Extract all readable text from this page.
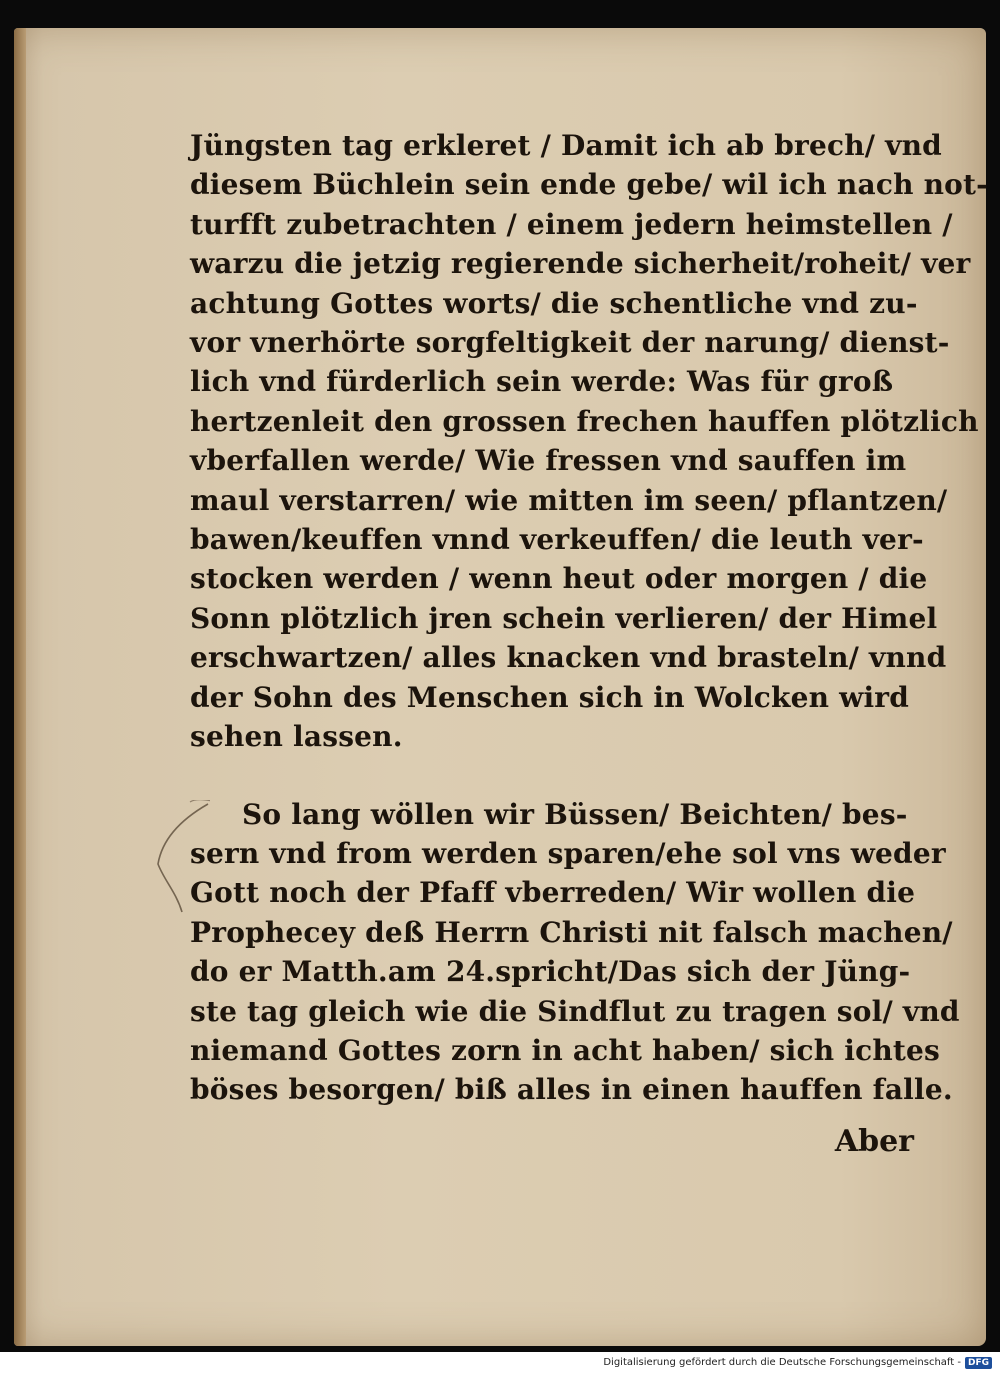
Jüngsten tag erkleret / Damit ich ab brech/ vnd
diesem Büchlein sein ende gebe/ wil ich nach not-
turfft zubetrachten / einem jedern heimstellen /
warzu die jetzig regierende sicherheit/roheit/ ver
achtung Gottes worts/ die schentliche vnd zu-
vor vnerhörte sorgfeltigkeit der narung/ dienst-
lich vnd fürderlich sein werde: Was für groß
hertzenleit den grossen frechen hauffen plötzlich
vberfallen werde/ Wie fressen vnd sauffen im
maul verstarren/ wie mitten im seen/ pflantzen/
bawen/keuffen vnnd verkeuffen/ die leuth ver-
stocken werden / wenn heut oder morgen / die
Sonn plötzlich jren schein verlieren/ der Himel
erschwartzen/ alles knacken vnd brasteln/ vnnd
der Sohn des Menschen sich in Wolcken wird
sehen lassen.
So lang wöllen wir Büssen/ Beichten/ bes-
sern vnd from werden sparen/ehe sol vns weder
Gott noch der Pfaff vberreden/ Wir wollen die
Prophecey deß Herrn Christi nit falsch machen/
do er Matth.am 24.spricht/Das sich der Jüng-
ste tag gleich wie die Sindflut zu tragen sol/ vnd
niemand Gottes zorn in acht haben/ sich ichtes
böses besorgen/ biß alles in einen hauffen falle.
Aber
Digitalisierung gefördert durch die Deutsche Forschungsgemeinschaft - DFG
